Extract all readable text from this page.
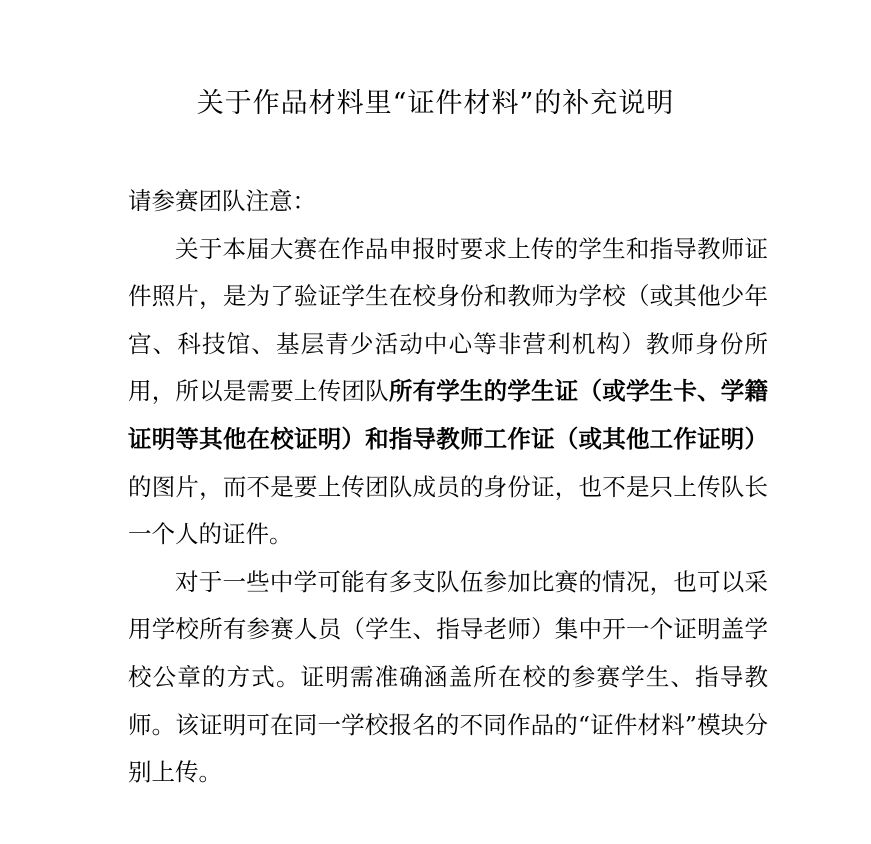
关于作品材料里“证件材料”的补充说明

请参赛团队注意：

关于本届大赛在作品申报时要求上传的学生和指导教师证件照片，是为了验证学生在校身份和教师为学校（或其他少年宫、科技馆、基层青少活动中心等非营利机构）教师身份所用，所以是需要上传团队所有学生的学生证（或学生卡、学籍证明等其他在校证明）和指导教师工作证（或其他工作证明）的图片，而不是要上传团队成员的身份证，也不是只上传队长一个人的证件。

对于一些中学可能有多支队伍参加比赛的情况，也可以采用学校所有参赛人员（学生、指导老师）集中开一个证明盖学校公章的方式。证明需准确涵盖所在校的参赛学生、指导教师。该证明可在同一学校报名的不同作品的“证件材料”模块分别上传。
